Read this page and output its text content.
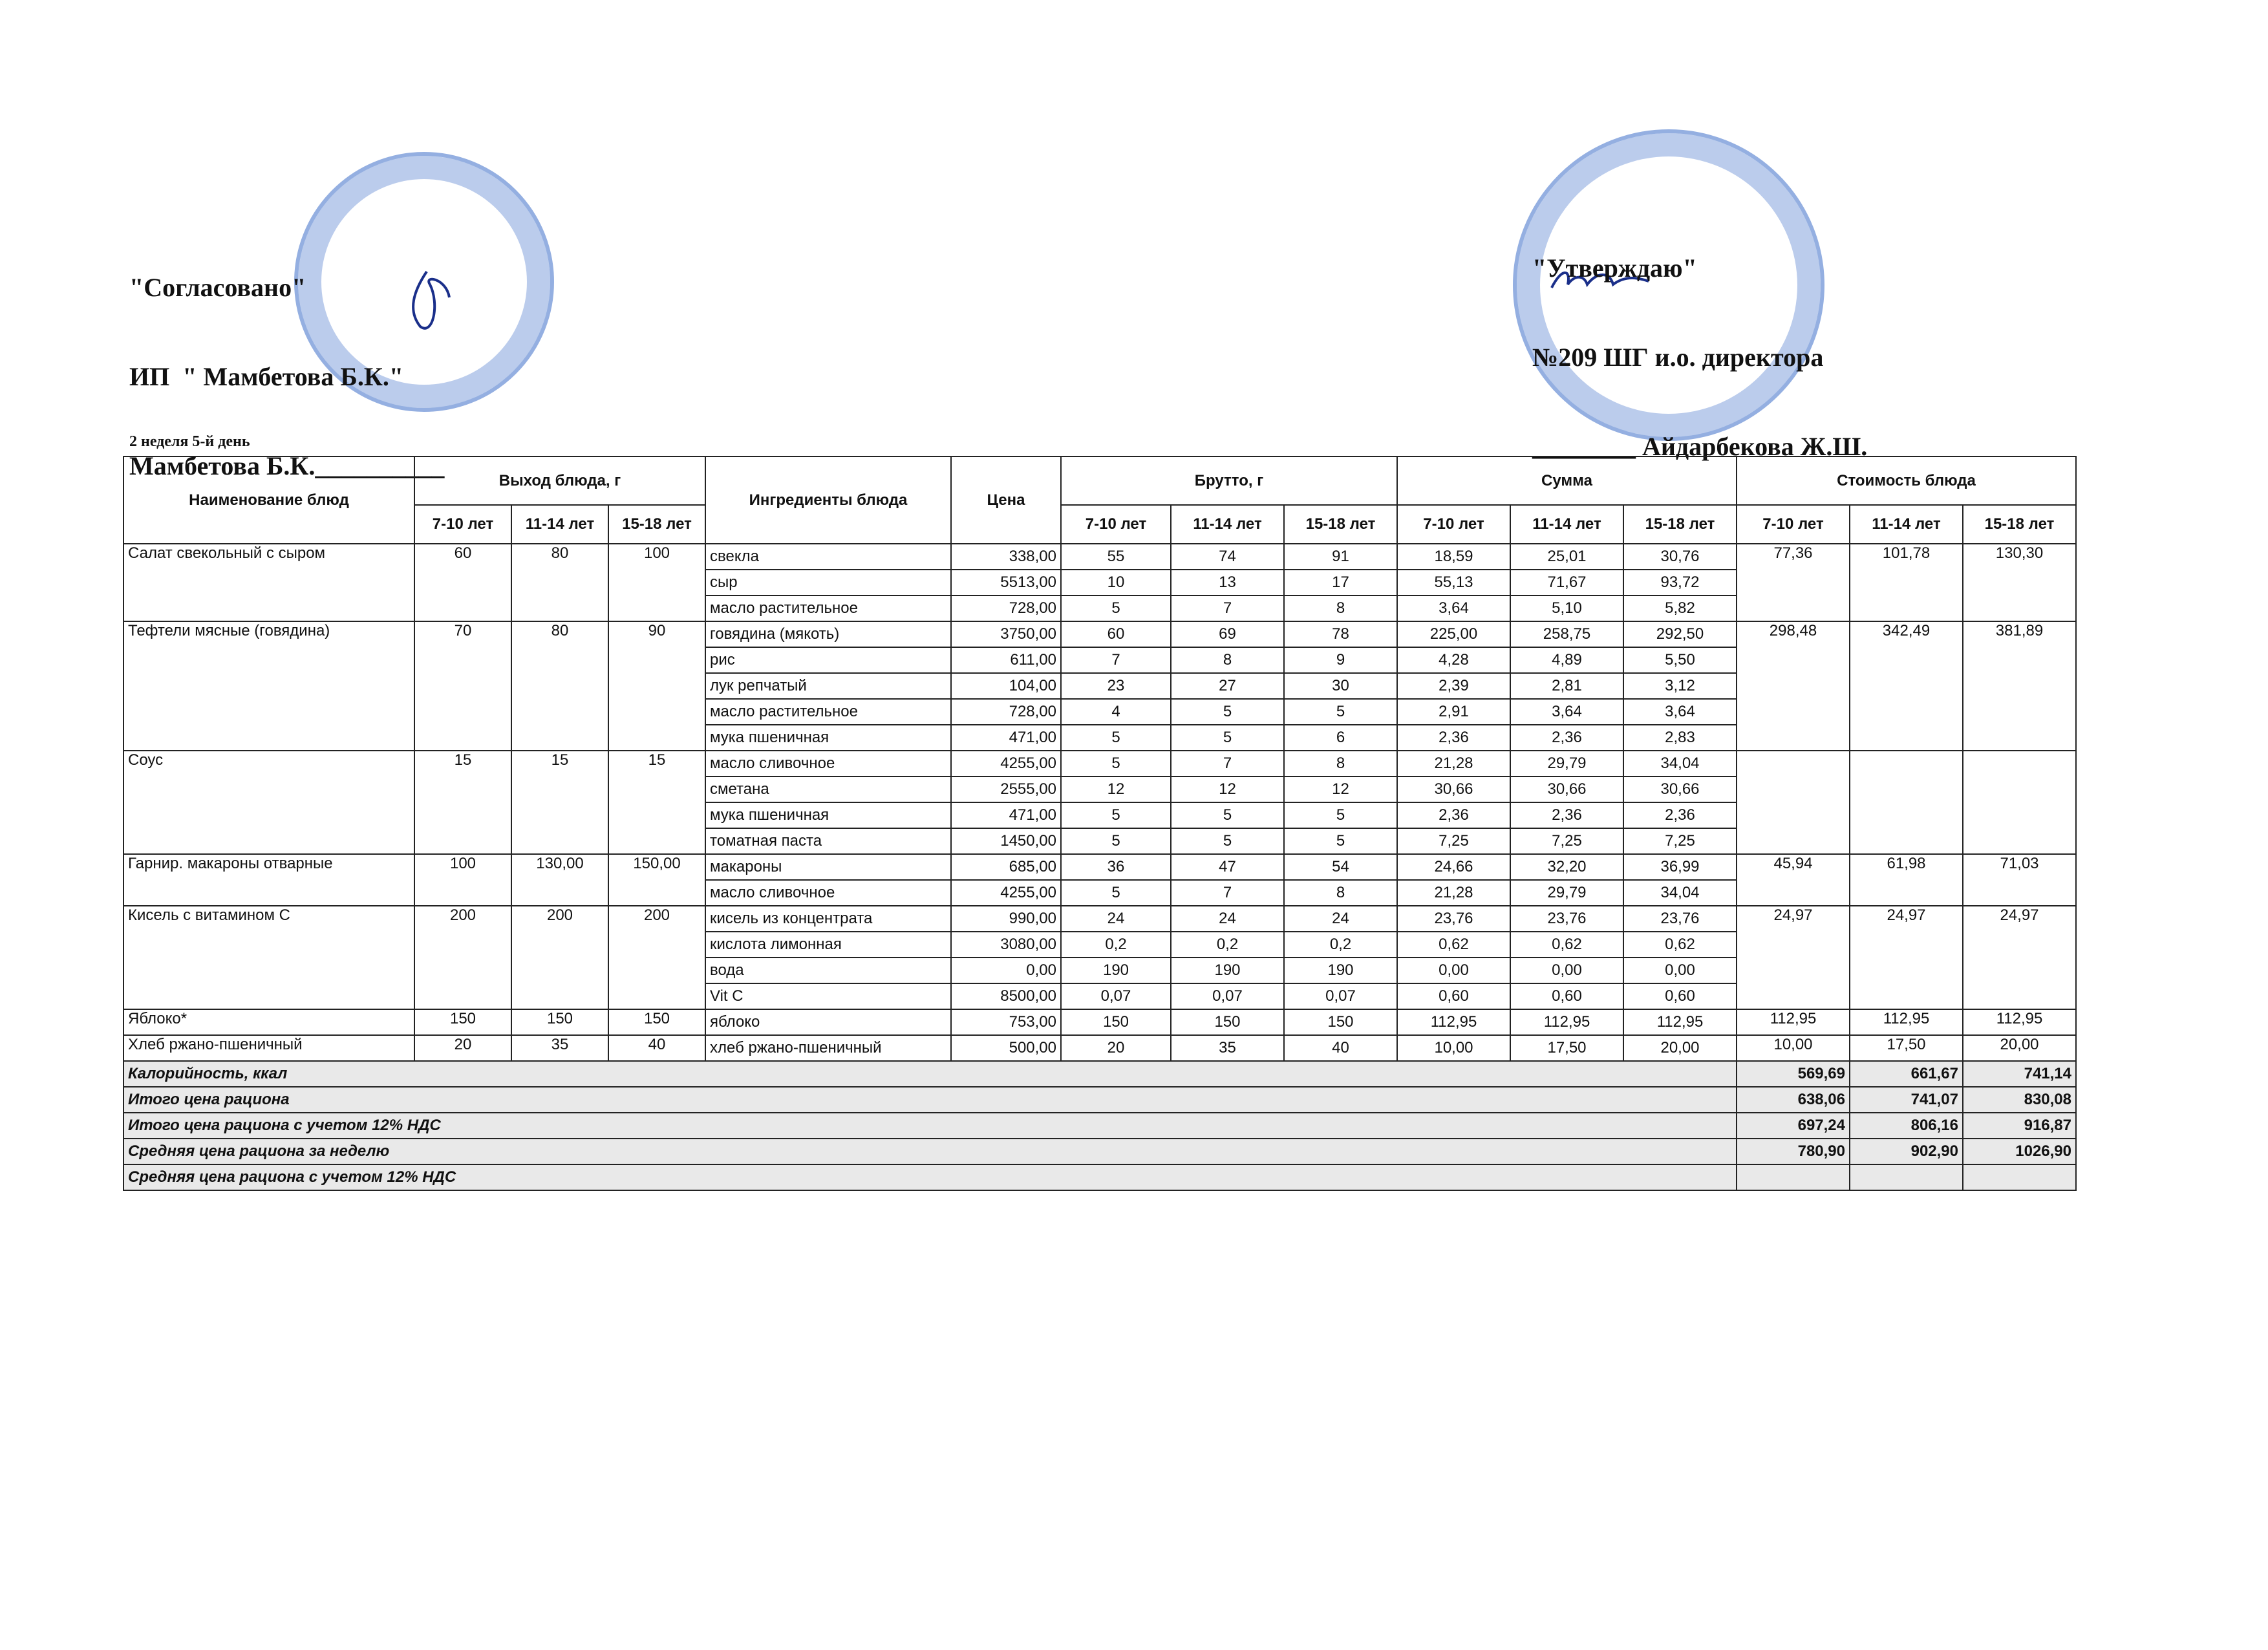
"Согласовано"

ИП  " Мамбетова Б.К."

Мамбетова Б.К.__________

"Утверждаю"

№209 ШГ и.о. директора

________ Айдарбекова Ж.Ш.

2 неделя 5-й день
Наименование блюд	Выход блюда, г			Ингредиенты блюда	Цена	Брутто, г			Сумма			Стоимость блюда		
	7-10 лет	11-14 лет	15-18 лет			7-10 лет	11-14 лет	15-18 лет	7-10 лет	11-14 лет	15-18 лет	7-10 лет	11-14 лет	15-18 лет
Салат свекольный с сыром	60	80	100	свекла	338,00	55	74	91	18,59	25,01	30,76	77,36	101,78	130,30
				сыр	5513,00	10	13	17	55,13	71,67	93,72			
				масло растительное	728,00	5	7	8	3,64	5,10	5,82			
Тефтели мясные (говядина)	70	80	90	говядина (мякоть)	3750,00	60	69	78	225,00	258,75	292,50	298,48	342,49	381,89
				рис	611,00	7	8	9	4,28	4,89	5,50			
				лук репчатый	104,00	23	27	30	2,39	2,81	3,12			
				масло растительное	728,00	4	5	5	2,91	3,64	3,64			
				мука пшеничная	471,00	5	5	6	2,36	2,36	2,83			
Соус	15	15	15	масло сливочное	4255,00	5	7	8	21,28	29,79	34,04			
				сметана	2555,00	12	12	12	30,66	30,66	30,66			
				мука пшеничная	471,00	5	5	5	2,36	2,36	2,36			
				томатная паста	1450,00	5	5	5	7,25	7,25	7,25			
Гарнир. макароны отварные	100	130,00	150,00	макароны	685,00	36	47	54	24,66	32,20	36,99	45,94	61,98	71,03
				масло сливочное	4255,00	5	7	8	21,28	29,79	34,04			
Кисель с витамином С	200	200	200	кисель из концентрата	990,00	24	24	24	23,76	23,76	23,76	24,97	24,97	24,97
				кислота лимонная	3080,00	0,2	0,2	0,2	0,62	0,62	0,62			
				вода	0,00	190	190	190	0,00	0,00	0,00			
				Vit C	8500,00	0,07	0,07	0,07	0,60	0,60	0,60			
Яблоко*	150	150	150	яблоко	753,00	150	150	150	112,95	112,95	112,95	112,95	112,95	112,95
Хлеб ржано-пшеничный	20	35	40	хлеб ржано-пшеничный	500,00	20	35	40	10,00	17,50	20,00	10,00	17,50	20,00
Калорийность, ккал												569,69	661,67	741,14
Итого цена рациона												638,06	741,07	830,08
Итого цена рациона с учетом 12% НДС												697,24	806,16	916,87
Средняя цена рациона за неделю												780,90	902,90	1026,90
Средняя цена рациона с учетом 12% НДС														
